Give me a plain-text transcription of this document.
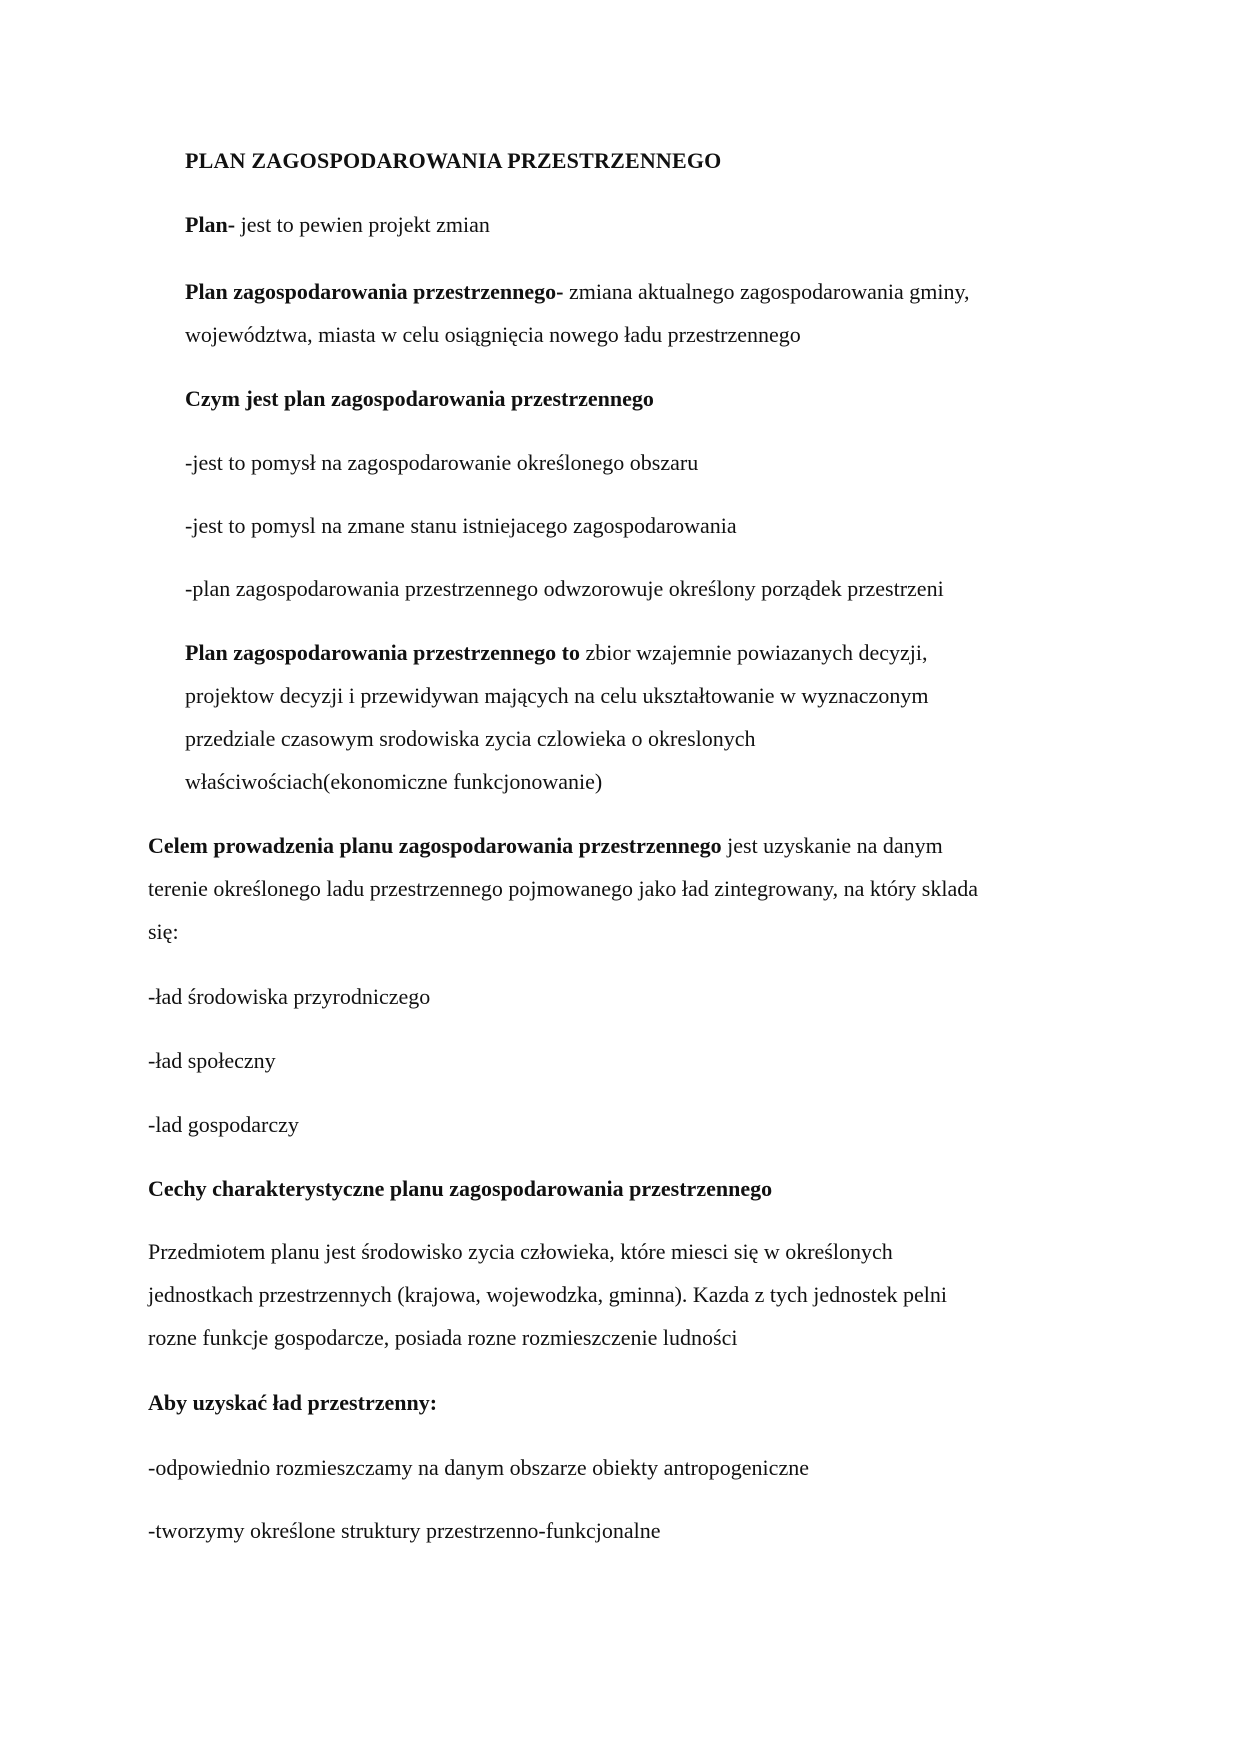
PLAN ZAGOSPODAROWANIA PRZESTRZENNEGO

Plan- jest to pewien projekt zmian

Plan zagospodarowania przestrzennego- zmiana aktualnego zagospodarowania gminy,
województwa, miasta w celu osiągnięcia nowego ładu przestrzennego

Czym jest plan zagospodarowania przestrzennego

-jest to pomysł na zagospodarowanie określonego obszaru

-jest to pomysl na zmane stanu istniejacego zagospodarowania

-plan zagospodarowania przestrzennego odwzorowuje określony porządek przestrzeni

Plan zagospodarowania przestrzennego to zbior wzajemnie powiazanych decyzji,
projektow decyzji i przewidywan mających na celu ukształtowanie w wyznaczonym
przedziale czasowym srodowiska zycia czlowieka o okreslonych
właściwościach(ekonomiczne funkcjonowanie)

Celem prowadzenia planu zagospodarowania przestrzennego jest uzyskanie na danym
terenie określonego ladu przestrzennego pojmowanego jako ład zintegrowany, na który sklada
się:

-ład środowiska przyrodniczego

-ład społeczny

-lad gospodarczy

Cechy charakterystyczne planu zagospodarowania przestrzennego

Przedmiotem planu jest środowisko zycia człowieka, które miesci się w określonych
jednostkach przestrzennych (krajowa, wojewodzka, gminna). Kazda z tych jednostek pelni
rozne funkcje gospodarcze, posiada rozne rozmieszczenie ludności

Aby uzyskać ład przestrzenny:

-odpowiednio rozmieszczamy na danym obszarze obiekty antropogeniczne

-tworzymy określone struktury przestrzenno-funkcjonalne
